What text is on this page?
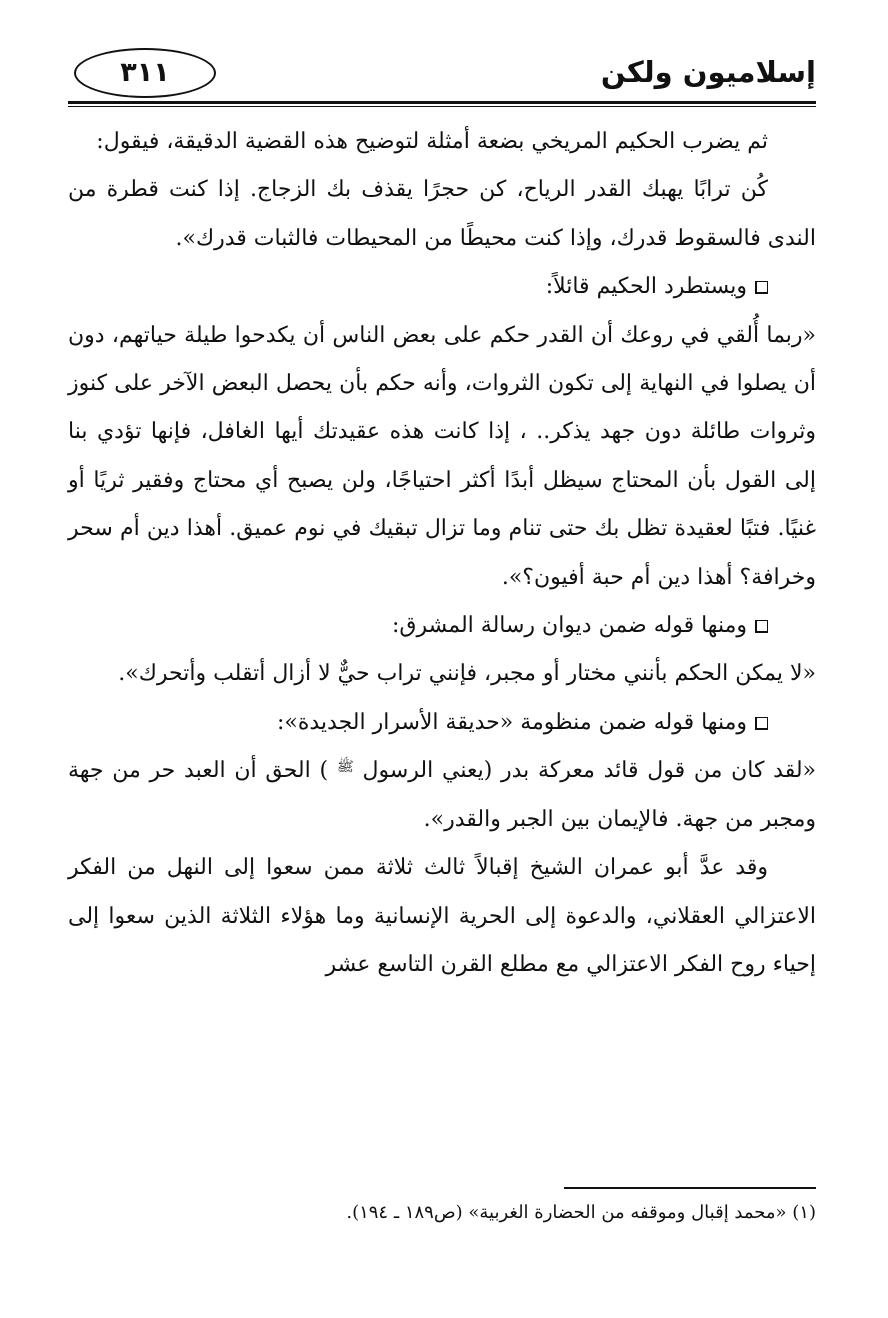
إسلاميون ولكن
٣١١

ثم يضرب الحكيم المريخي بضعة أمثلة لتوضيح هذه القضية الدقيقة، فيقول:

كُن ترابًا يهبك القدر الرياح، كن حجرًا يقذف بك الزجاج. إذا كنت قطرة من الندى فالسقوط قدرك، وإذا كنت محيطًا من المحيطات فالثبات قدرك».

ويستطرد الحكيم قائلاً:

«ربما أُلقي في روعك أن القدر حكم على بعض الناس أن يكدحوا طيلة حياتهم، دون أن يصلوا في النهاية إلى تكون الثروات، وأنه حكم بأن يحصل البعض الآخر على كنوز وثروات طائلة دون جهد يذكر.. ، إذا كانت هذه عقيدتك أيها الغافل، فإنها تؤدي بنا إلى القول بأن المحتاج سيظل أبدًا أكثر احتياجًا، ولن يصبح أي محتاج وفقير ثريًا أو غنيًا. فتبًا لعقيدة تظل بك حتى تنام وما تزال تبقيك في نوم عميق. أهذا دين أم سحر وخرافة؟ أهذا دين أم حبة أفيون؟».

ومنها قوله ضمن ديوان رسالة المشرق:

«لا يمكن الحكم بأنني مختار أو مجبر، فإنني تراب حيٌّ لا أزال أتقلب وأتحرك».

ومنها قوله ضمن منظومة «حديقة الأسرار الجديدة»:

«لقد كان من قول قائد معركة بدر (يعني الرسول ﷺ ) الحق أن العبد حر من جهة ومجبر من جهة. فالإيمان بين الجبر والقدر».

وقد عدَّ أبو عمران الشيخ إقبالاً ثالث ثلاثة ممن سعوا إلى النهل من الفكر الاعتزالي العقلاني، والدعوة إلى الحرية الإنسانية وما هؤلاء الثلاثة الذين سعوا إلى إحياء روح الفكر الاعتزالي مع مطلع القرن التاسع عشر

(١) «محمد إقبال وموقفه من الحضارة الغربية» (ص١٨٩ ـ ١٩٤).
